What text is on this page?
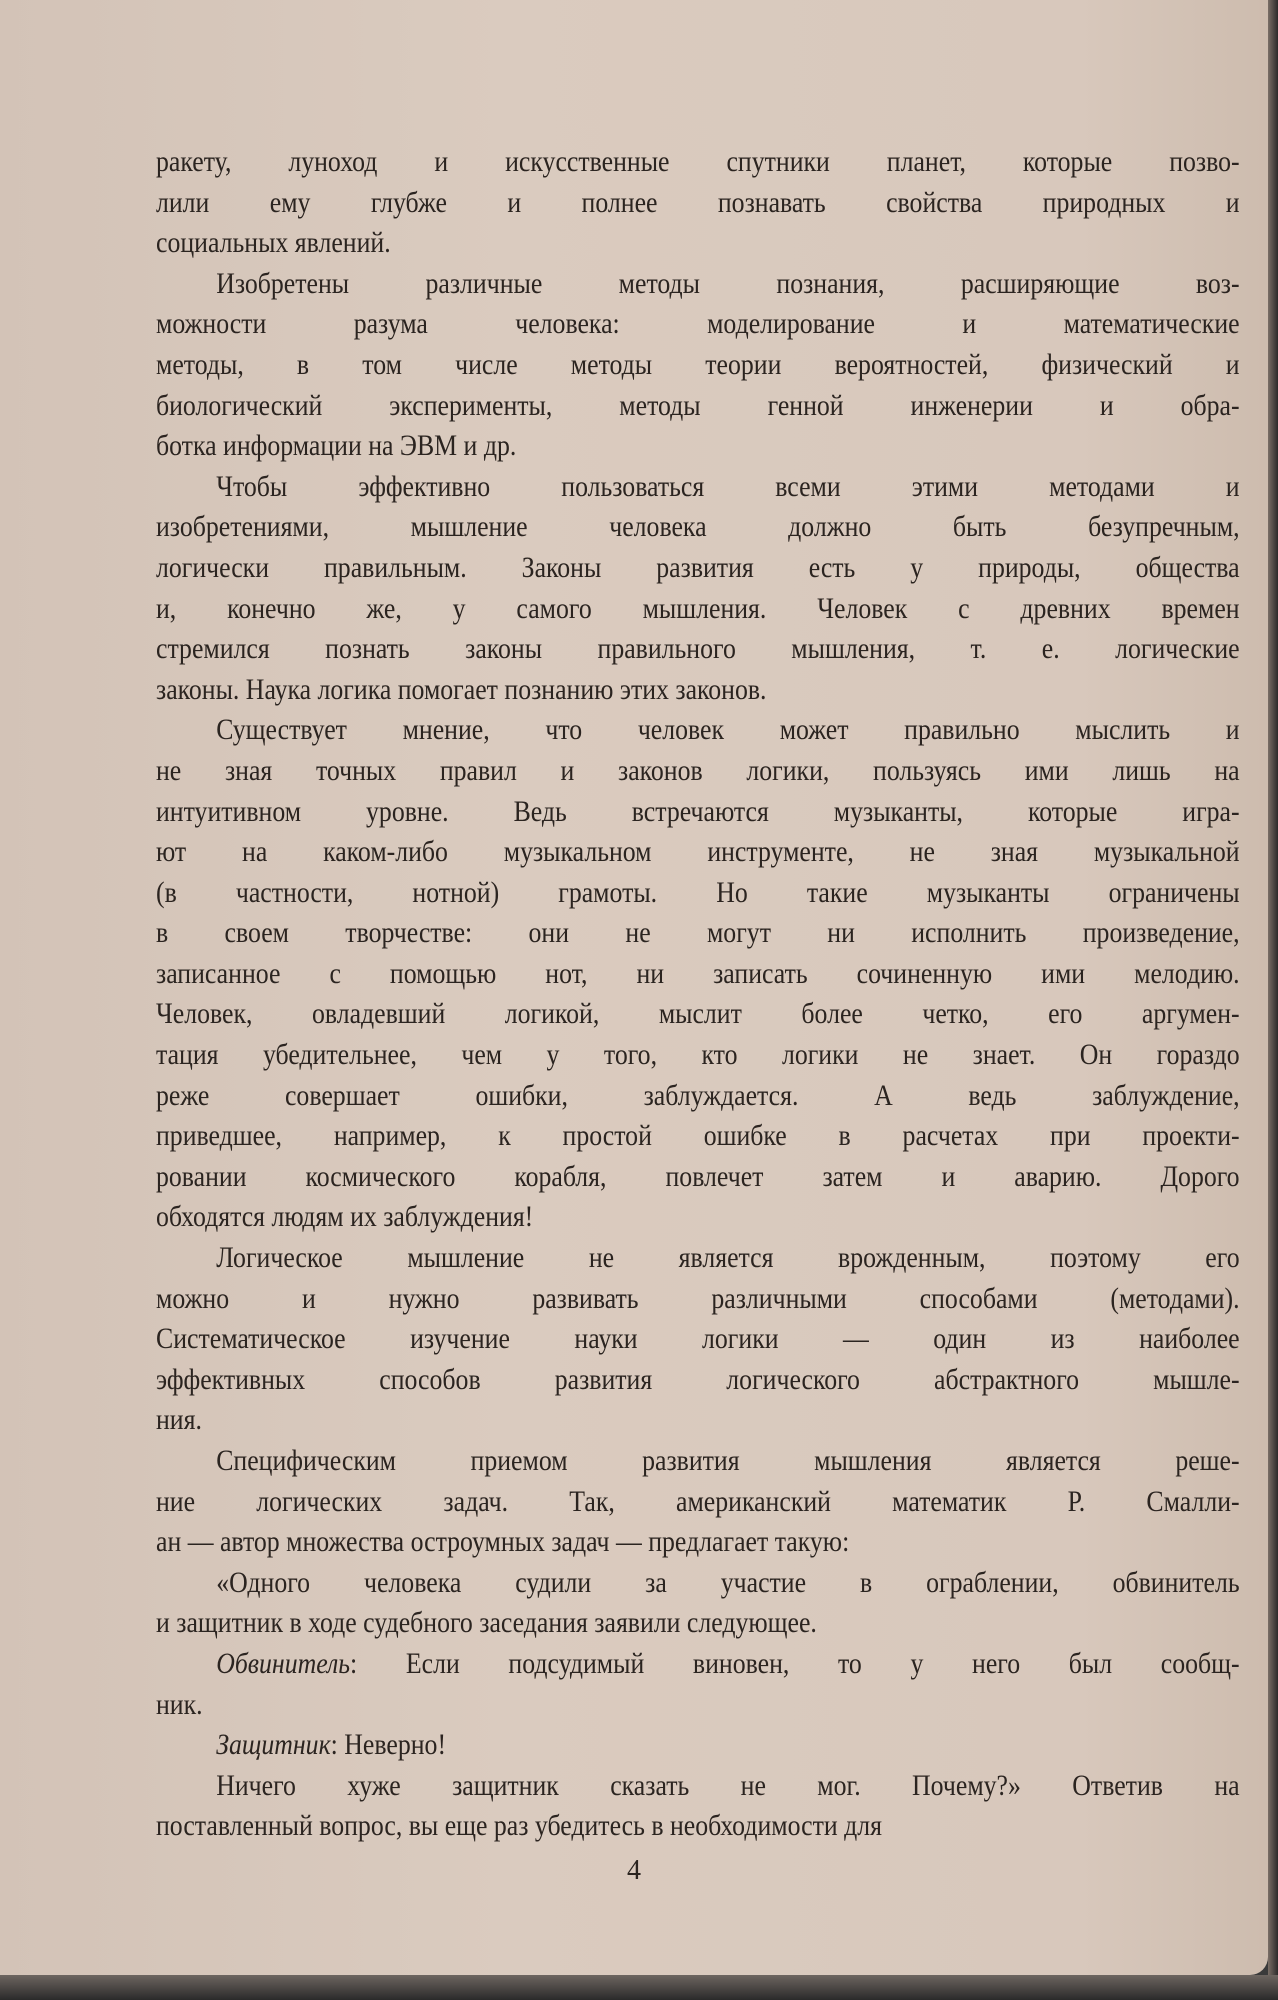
ракету, луноход и искусственные спутники планет, которые позво-
лили ему глубже и полнее познавать свойства природных и
социальных явлений.
Изобретены различные методы познания, расширяющие воз-
можности разума человека: моделирование и математические
методы, в том числе методы теории вероятностей, физический и
биологический эксперименты, методы генной инженерии и обра-
ботка информации на ЭВМ и др.
Чтобы эффективно пользоваться всеми этими методами и
изобретениями, мышление человека должно быть безупречным,
логически правильным. Законы развития есть у природы, общества
и, конечно же, у самого мышления. Человек с древних времен
стремился познать законы правильного мышления, т. е. логические
законы. Наука логика помогает познанию этих законов.
Существует мнение, что человек может правильно мыслить и
не зная точных правил и законов логики, пользуясь ими лишь на
интуитивном уровне. Ведь встречаются музыканты, которые игра-
ют на каком-либо музыкальном инструменте, не зная музыкальной
(в частности, нотной) грамоты. Но такие музыканты ограничены
в своем творчестве: они не могут ни исполнить произведение,
записанное с помощью нот, ни записать сочиненную ими мелодию.
Человек, овладевший логикой, мыслит более четко, его аргумен-
тация убедительнее, чем у того, кто логики не знает. Он гораздо
реже совершает ошибки, заблуждается. А ведь заблуждение,
приведшее, например, к простой ошибке в расчетах при проекти-
ровании космического корабля, повлечет затем и аварию. Дорого
обходятся людям их заблуждения!
Логическое мышление не является врожденным, поэтому его
можно и нужно развивать различными способами (методами).
Систематическое изучение науки логики — один из наиболее
эффективных способов развития логического абстрактного мышле-
ния.
Специфическим приемом развития мышления является реше-
ние логических задач. Так, американский математик Р. Смалли-
ан — автор множества остроумных задач — предлагает такую:
«Одного человека судили за участие в ограблении, обвинитель
и защитник в ходе судебного заседания заявили следующее.
Обвинитель: Если подсудимый виновен, то у него был сообщ-
ник.
Защитник: Неверно!
Ничего хуже защитник сказать не мог. Почему?» Ответив на
поставленный вопрос, вы еще раз убедитесь в необходимости для
4
